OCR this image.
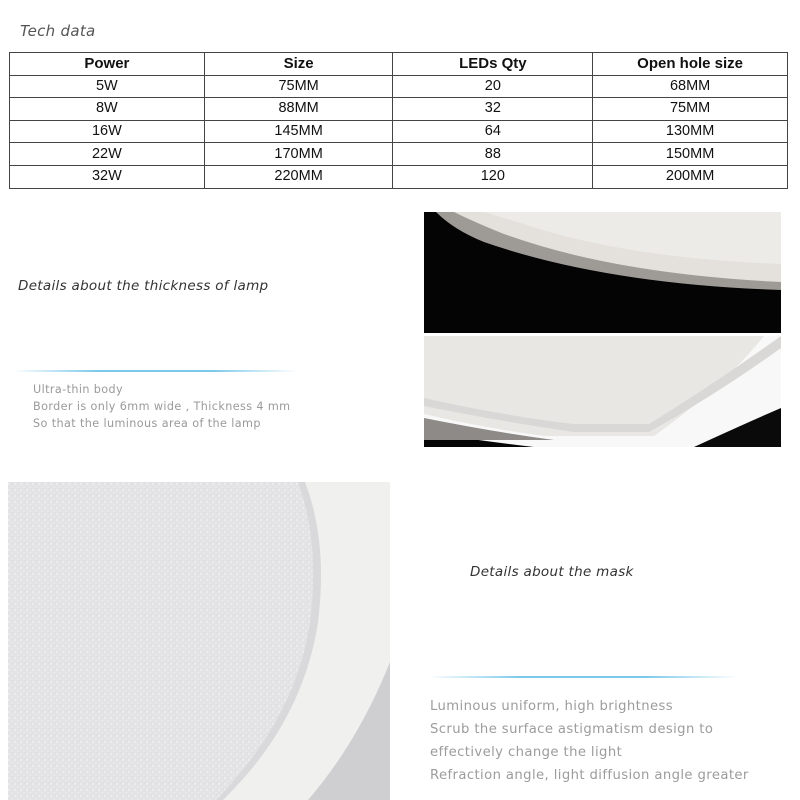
Tech data
Power	Size	LEDs Qty	Open hole size
5W	75MM	20	68MM
8W	88MM	32	75MM
16W	145MM	64	130MM
22W	170MM	88	150MM
32W	220MM	120	200MM
Details about the thickness of lamp
Ultra-thin body
Border is only 6mm wide , Thickness 4 mm
So that the luminous area of the lamp
Details about the mask
Luminous uniform, high brightness
Scrub the surface astigmatism design to
effectively change the light
Refraction angle, light diffusion angle greater
